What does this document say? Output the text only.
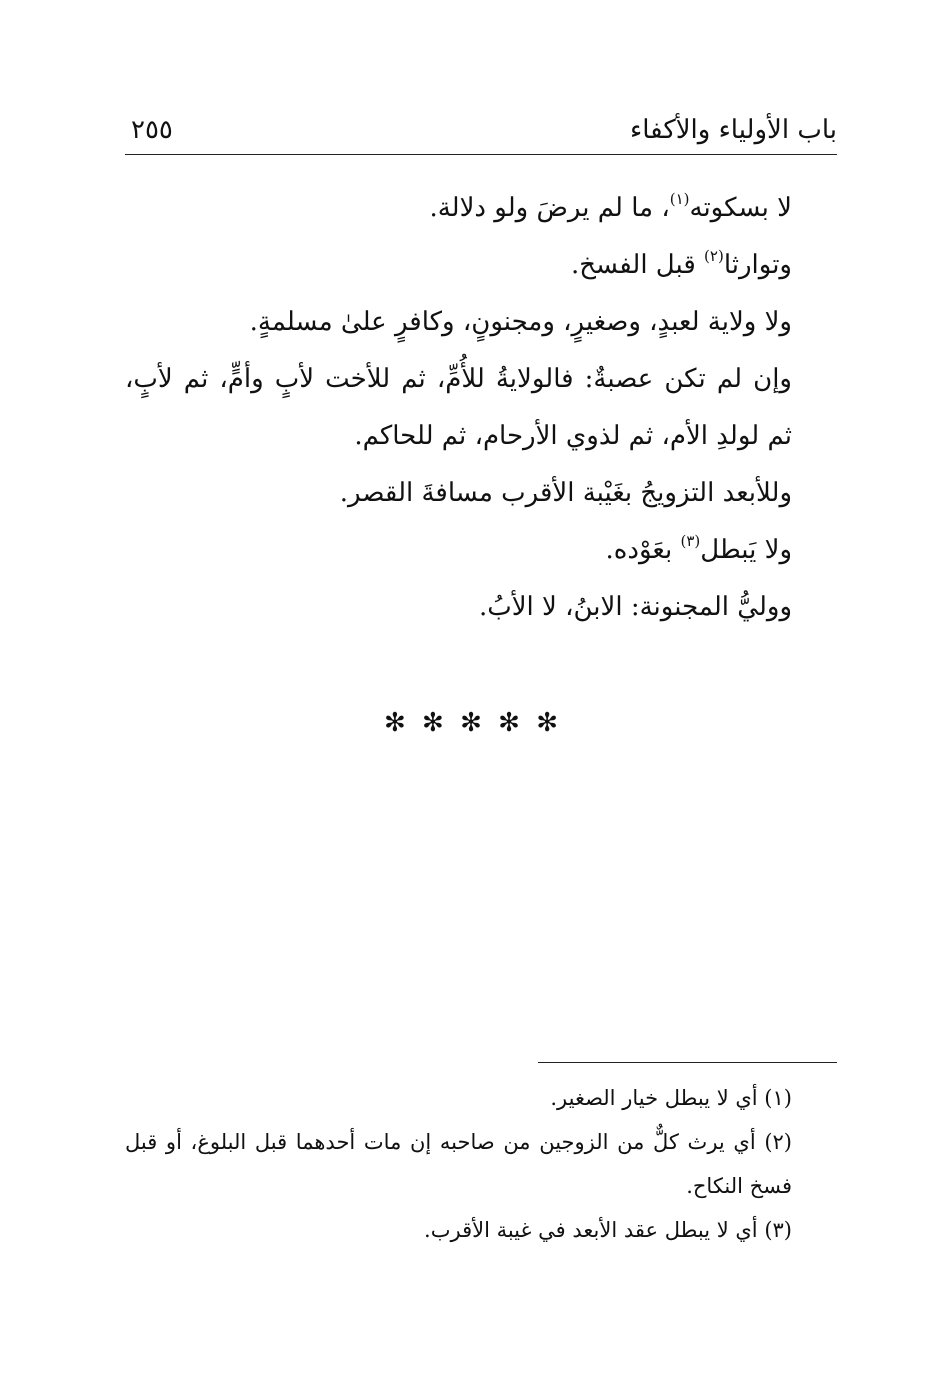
باب الأولياء والأكفاء
٢٥٥

لا بسكوته$^{(١)}$، ما لم يرضَ ولو دلالة.

وتوارثا$^{(٢)}$ قبل الفسخ.

ولا ولاية لعبدٍ، وصغيرٍ، ومجنونٍ، وكافرٍ علىٰ مسلمةٍ.

وإن لم تكن عصبةٌ: فالولايةُ للأُمِّ، ثم للأخت لأبٍ وأمٍّ، ثم لأبٍ، ثم لولدِ الأم، ثم لذوي الأرحام، ثم للحاكم.

وللأبعد التزويجُ بغَيْبة الأقرب مسافةَ القصر.

ولا يَبطل$^{(٣)}$ بعَوْده.

ووليُّ المجنونة: الابنُ، لا الأبُ.

✻ ✻ ✻ ✻ ✻

(١) أي لا يبطل خيار الصغير.

(٢) أي يرث كلٌّ من الزوجين من صاحبه إن مات أحدهما قبل البلوغ، أو قبل فسخ النكاح.

(٣) أي لا يبطل عقد الأبعد في غيبة الأقرب.
